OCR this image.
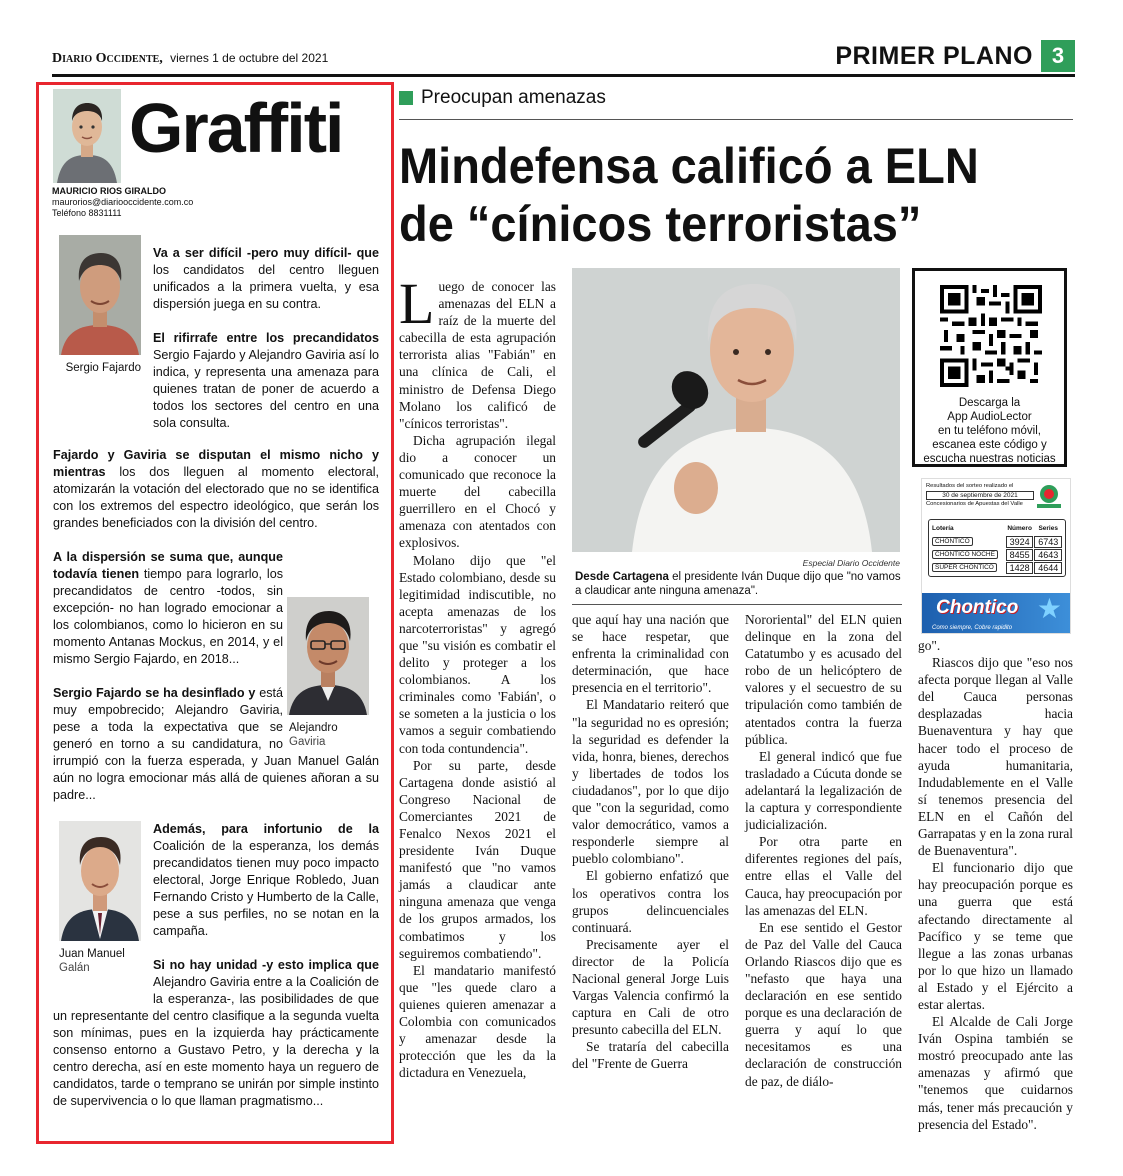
Diario Occidente, viernes 1 de octubre del 2021	PRIMER PLANO 3
Graffiti
MAURICIO RIOS GIRALDO
maurorios@diariooccidente.com.co
Teléfono 8831111
Sergio Fajardo
Va a ser difícil -pero muy difícil- que los candidatos del centro lleguen unificados a la primera vuelta, y esa dispersión juega en su contra.
El rifirrafe entre los precandidatos Sergio Fajardo y Alejandro Gaviria así lo indica, y representa una amenaza para quienes tratan de poner de acuerdo a todos los sectores del centro en una sola consulta.
Fajardo y Gaviria se disputan el mismo nicho y mientras los dos lleguen al momento electoral, atomizarán la votación del electorado que no se identifica con los extremos del espectro ideológico, que serán los grandes beneficiados con la división del centro.
Alejandro
Gaviria
A la dispersión se suma que, aunque todavía tienen tiempo para lograrlo, los precandidatos de centro -todos, sin excepción- no han logrado emocionar a los colombianos, como lo hicieron en su momento Antanas Mockus, en 2014, y el mismo Sergio Fajardo, en 2018...
Sergio Fajardo se ha desinflado y está muy empobrecido; Alejandro Gaviria, pese a toda la expectativa que se generó en torno a su candidatura, no irrumpió con la fuerza esperada, y Juan Manuel Galán aún no logra emocionar más allá de quienes añoran a su padre...
Juan Manuel
Galán
Además, para infortunio de la Coalición de la esperanza, los demás precandidatos tienen muy poco impacto electoral, Jorge Enrique Robledo, Juan Fernando Cristo y Humberto de la Calle, pese a sus perfiles, no se notan en la campaña.
Si no hay unidad -y esto implica que Alejandro Gaviria entre a la Coalición de la esperanza-, las posibilidades de que un representante del centro clasifique a la segunda vuelta son mínimas, pues en la izquierda hay prácticamente consenso entorno a Gustavo Petro, y la derecha y la centro derecha, así en este momento haya un reguero de candidatos, tarde o temprano se unirán por simple instinto de supervivencia o lo que llaman pragmatismo...
Preocupan amenazas
Mindefensa calificó a ELN
de “cínicos terroristas”

Luego de conocer las amenazas del ELN a raíz de la muerte del cabecilla de esta agrupación terrorista alias "Fabián" en una clínica de Cali, el ministro de Defensa Diego Molano los calificó de "cínicos terroristas".

Dicha agrupación ilegal dio a conocer un comunicado que reconoce la muerte del cabecilla guerrillero en el Chocó y amenaza con atentados con explosivos.

Molano dijo que "el Estado colombiano, desde su legitimidad indiscutible, no acepta amenazas de los narcoterroristas" y agregó que "su visión es combatir el delito y proteger a los colombianos. A los criminales como 'Fabián', o se someten a la justicia o los vamos a seguir combatiendo con toda contundencia".

Por su parte, desde Cartagena donde asistió al Congreso Nacional de Comerciantes 2021 de Fenalco Nexos 2021 el presidente Iván Duque manifestó que "no vamos jamás a claudicar ante ninguna amenaza que venga de los grupos armados, los combatimos y los seguiremos combatiendo".

El mandatario manifestó que "les quede claro a quienes quieren amenazar a Colombia con comunicados y amenazar desde la protección que les da la dictadura en Venezuela,

Especial Diario Occidente
Desde Cartagena el presidente Iván Duque dijo que "no vamos a claudicar ante ninguna amenaza".

que aquí hay una nación que se hace respetar, que enfrenta la criminalidad con determinación, que hace presencia en el territorio".

El Mandatario reiteró que "la seguridad no es opresión; la seguridad es defender la vida, honra, bienes, derechos y libertades de todos los ciudadanos", por lo que dijo que "con la seguridad, como valor democrático, vamos a responderle siempre al pueblo colombiano".

El gobierno enfatizó que los operativos contra los grupos delincuenciales continuará.

Precisamente ayer el director de la Policía Nacional general Jorge Luis Vargas Valencia confirmó la captura en Cali de otro presunto cabecilla del ELN.

Se trataría del cabecilla del "Frente de Guerra

Nororiental" del ELN quien delinque en la zona del Catatumbo y es acusado del robo de un helicóptero de valores y el secuestro de su tripulación como también de atentados contra la fuerza pública.

El general indicó que fue trasladado a Cúcuta donde se adelantará la legalización de la captura y correspondiente judicialización.

Por otra parte en diferentes regiones del país, entre ellas el Valle del Cauca, hay preocupación por las amenazas del ELN.

En ese sentido el Gestor de Paz del Valle del Cauca Orlando Riascos dijo que es "nefasto que haya una declaración en ese sentido porque es una declaración de guerra y aquí lo que necesitamos es una declaración de construcción de paz, de diálo-

Descarga la
App AudioLector
en tu teléfono móvil,
escanea este código y
escucha nuestras noticias
Resultados del sorteo realizado el
30 de septiembre de 2021
Concesionarios de Apuestas del Valle
Lotería	Número	Series
CHONTICO	3924 6743
CHONTICO NOCHE	8455 4643
SUPER CHONTICO	1428 4644
Chontico ★
Como siempre, Cobre rapidito

go".

Riascos dijo que "eso nos afecta porque llegan al Valle del Cauca personas desplazadas hacia Buenaventura y hay que hacer todo el proceso de ayuda humanitaria, Indudablemente en el Valle sí tenemos presencia del ELN en el Cañón del Garrapatas y en la zona rural de Buenaventura".

El funcionario dijo que hay preocupación porque es una guerra que está afectando directamente al Pacífico y se teme que llegue a las zonas urbanas por lo que hizo un llamado al Estado y el Ejército a estar alertas.

El Alcalde de Cali Jorge Iván Ospina también se mostró preocupado ante las amenazas y afirmó que "tenemos que cuidarnos más, tener más precaución y presencia del Estado".
